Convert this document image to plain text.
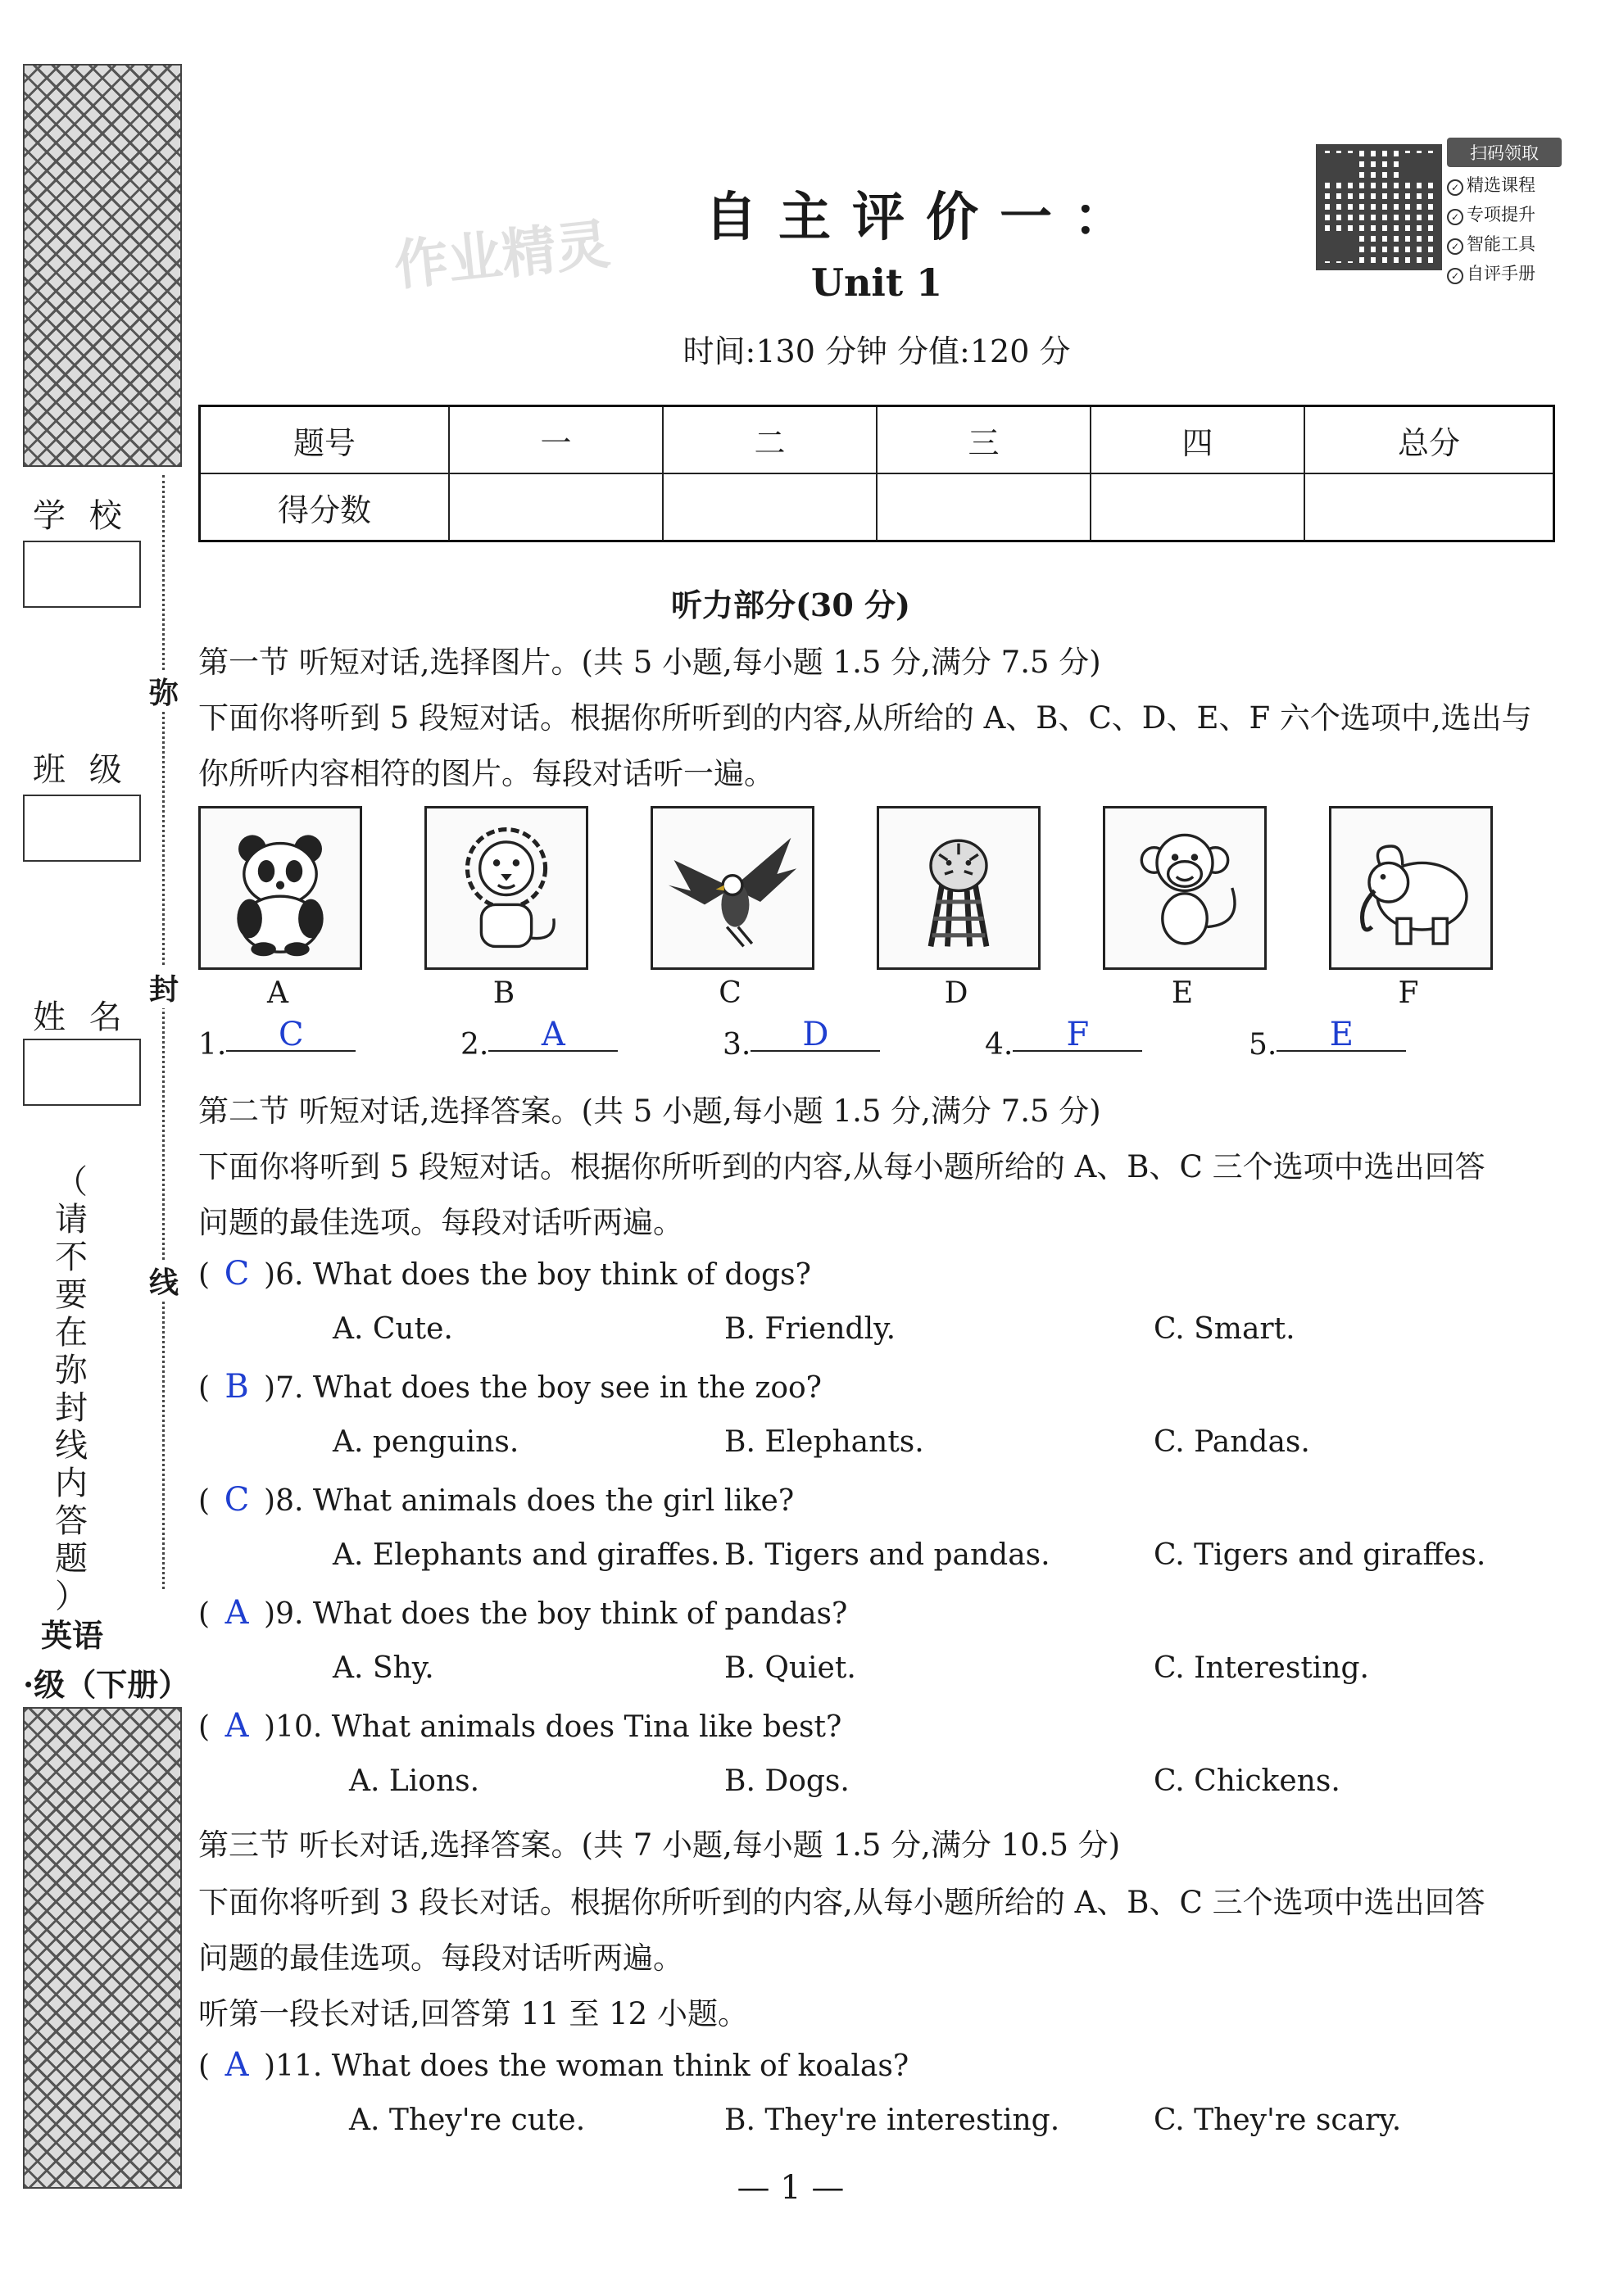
学 校
班 级
姓 名
弥
封
线
（
请
不
要
在
弥
封
线
内
答
题
）
英语
·级（下册）
作业精灵
扫码领取
✓ 精选课程
✓ 专项提升
✓ 智能工具
✓ 自评手册
自主评价一：
Unit 1
时间:130 分钟 分值:120 分
题号	一	二	三	四	总分
得分数					
听力部分(30 分)
第一节 听短对话,选择图片。(共 5 小题,每小题 1.5 分,满分 7.5 分)
下面你将听到 5 段短对话。根据你所听到的内容,从所给的 A、B、C、D、E、F 六个选项中,选出与
你所听内容相符的图片。每段对话听一遍。
A	B	C	D	E	F
1. C	2. A	3. D	4. F	5. E
第二节 听短对话,选择答案。(共 5 小题,每小题 1.5 分,满分 7.5 分)
下面你将听到 5 段短对话。根据你所听到的内容,从每小题所给的 A、B、C 三个选项中选出回答
问题的最佳选项。每段对话听两遍。
( C )6. What does the boy think of dogs?
A. Cute.	B. Friendly.	C. Smart.
( B )7. What does the boy see in the zoo?
A. penguins.	B. Elephants.	C. Pandas.
( C )8. What animals does the girl like?
A. Elephants and giraffes. B. Tigers and pandas.	C. Tigers and giraffes.
( A )9. What does the boy think of pandas?
A. Shy.	B. Quiet.	C. Interesting.
( A )10. What animals does Tina like best?
A. Lions.	B. Dogs.	C. Chickens.
第三节 听长对话,选择答案。(共 7 小题,每小题 1.5 分,满分 10.5 分)
下面你将听到 3 段长对话。根据你所听到的内容,从每小题所给的 A、B、C 三个选项中选出回答
问题的最佳选项。每段对话听两遍。
听第一段长对话,回答第 11 至 12 小题。
( A )11. What does the woman think of koalas?
A. They're cute.	B. They're interesting.	C. They're scary.
— 1 —
